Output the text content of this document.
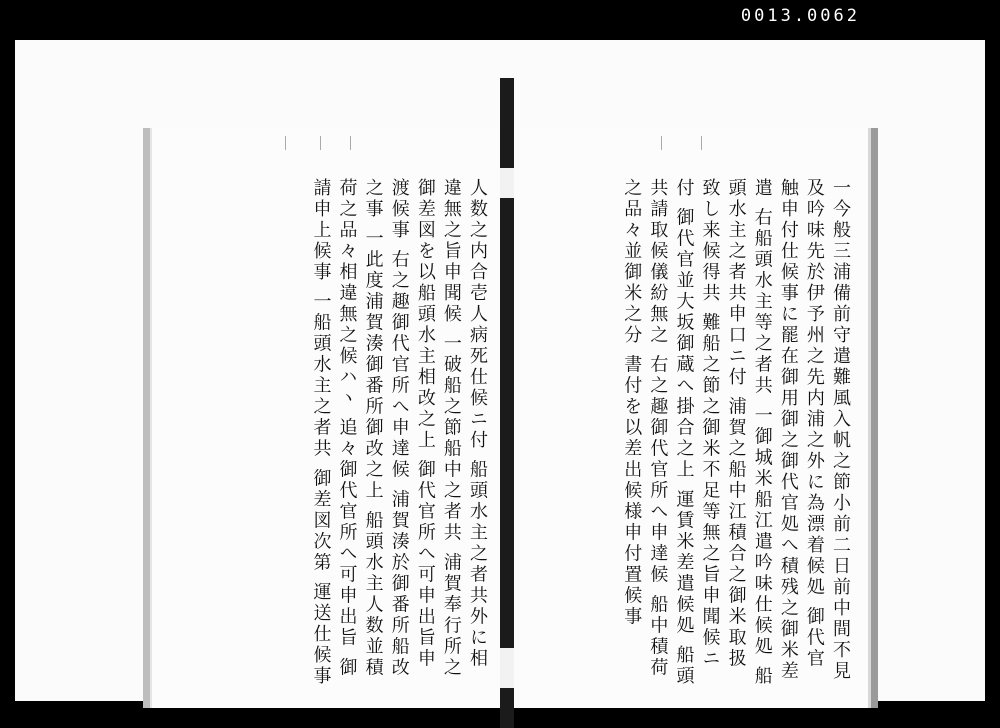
0013.0062
人数之内合壱人病死仕候ニ付 船頭水主之者共外に相違無之旨申聞候 一破船之節船中之者共 浦賀奉行所之御差図を以船頭水主相改之上 御代官所へ可申出旨申渡候事 右之趣御代官所へ申達候 浦賀湊於御番所船改之事 一此度浦賀湊御番所御改之上 船頭水主人数並積荷之品々相違無之候ハヽ 追々御代官所へ可申出旨 御請申上候事 一船頭水主之者共 御差図次第 運送仕候事	一今般三浦備前守遣難風入帆之節小前二日前中間不見及吟味先於伊予州之先内浦之外に為漂着候処 御代官触申付仕候事に罷在御用御之御代官処へ積残之御米差遣 右船頭水主等之者共 一御城米船江遣吟味仕候処 船頭水主之者共申口ニ付 浦賀之船中江積合之御米取扱致し来候得共 難船之節之御米不足等無之旨申聞候ニ付 御代官並大坂御蔵へ掛合之上 運賃米差遣候処 船頭共請取候儀紛無之 右之趣御代官所へ申達候 船中積荷之品々並御米之分 書付を以差出候様申付置候事
